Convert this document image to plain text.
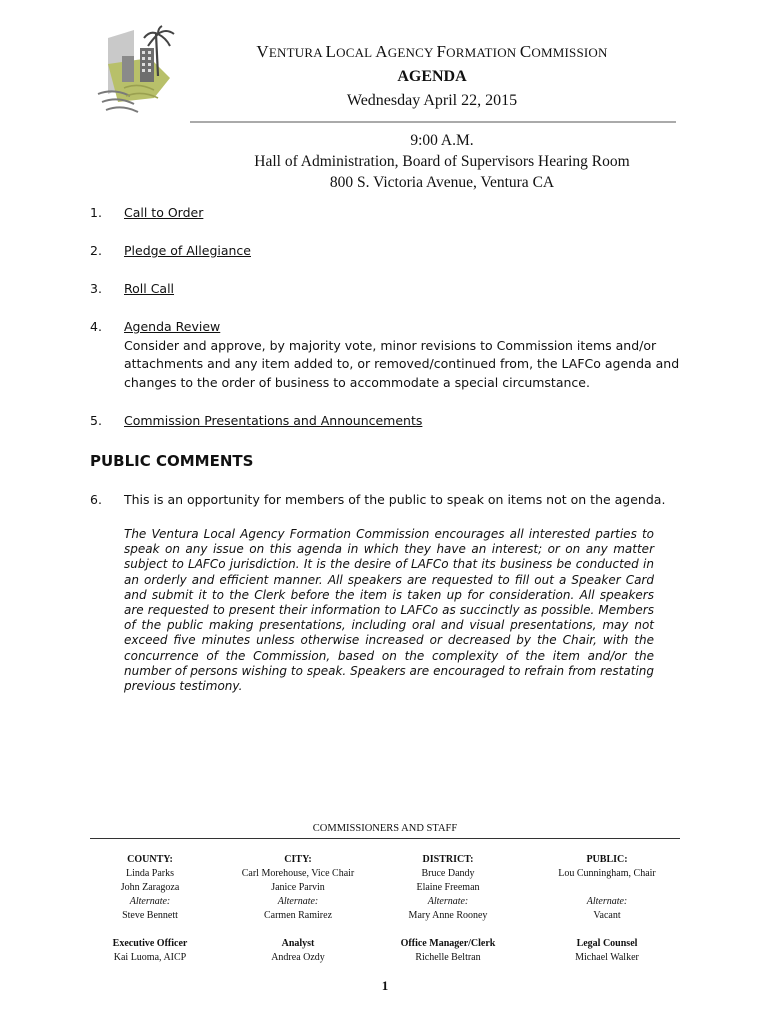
VENTURA LOCAL AGENCY FORMATION COMMISSION
AGENDA
Wednesday April 22, 2015
9:00 A.M.
Hall of Administration, Board of Supervisors Hearing Room
800 S. Victoria Avenue, Ventura CA
1.	Call to Order
2.	Pledge of Allegiance
3.	Roll Call
4.	Agenda Review
Consider and approve, by majority vote, minor revisions to Commission items and/or attachments and any item added to, or removed/continued from, the LAFCo agenda and changes to the order of business to accommodate a special circumstance.
5.	Commission Presentations and Announcements
PUBLIC COMMENTS
6.	This is an opportunity for members of the public to speak on items not on the agenda.
The Ventura Local Agency Formation Commission encourages all interested parties to speak on any issue on this agenda in which they have an interest; or on any matter subject to LAFCo jurisdiction. It is the desire of LAFCo that its business be conducted in an orderly and efficient manner. All speakers are requested to fill out a Speaker Card and submit it to the Clerk before the item is taken up for consideration. All speakers are requested to present their information to LAFCo as succinctly as possible. Members of the public making presentations, including oral and visual presentations, may not exceed five minutes unless otherwise increased or decreased by the Chair, with the concurrence of the Commission, based on the complexity of the item and/or the number of persons wishing to speak. Speakers are encouraged to refrain from restating previous testimony.
COMMISSIONERS AND STAFF
COUNTY:
Linda Parks
John Zaragoza
Alternate:
Steve Bennett
CITY:
Carl Morehouse, Vice Chair
Janice Parvin
Alternate:
Carmen Ramirez
DISTRICT:
Bruce Dandy
Elaine Freeman
Alternate:
Mary Anne Rooney
PUBLIC:
Lou Cunningham, Chair
Alternate:
Vacant
Executive Officer
Kai Luoma, AICP
Analyst
Andrea Ozdy
Office Manager/Clerk
Richelle Beltran
Legal Counsel
Michael Walker
1
